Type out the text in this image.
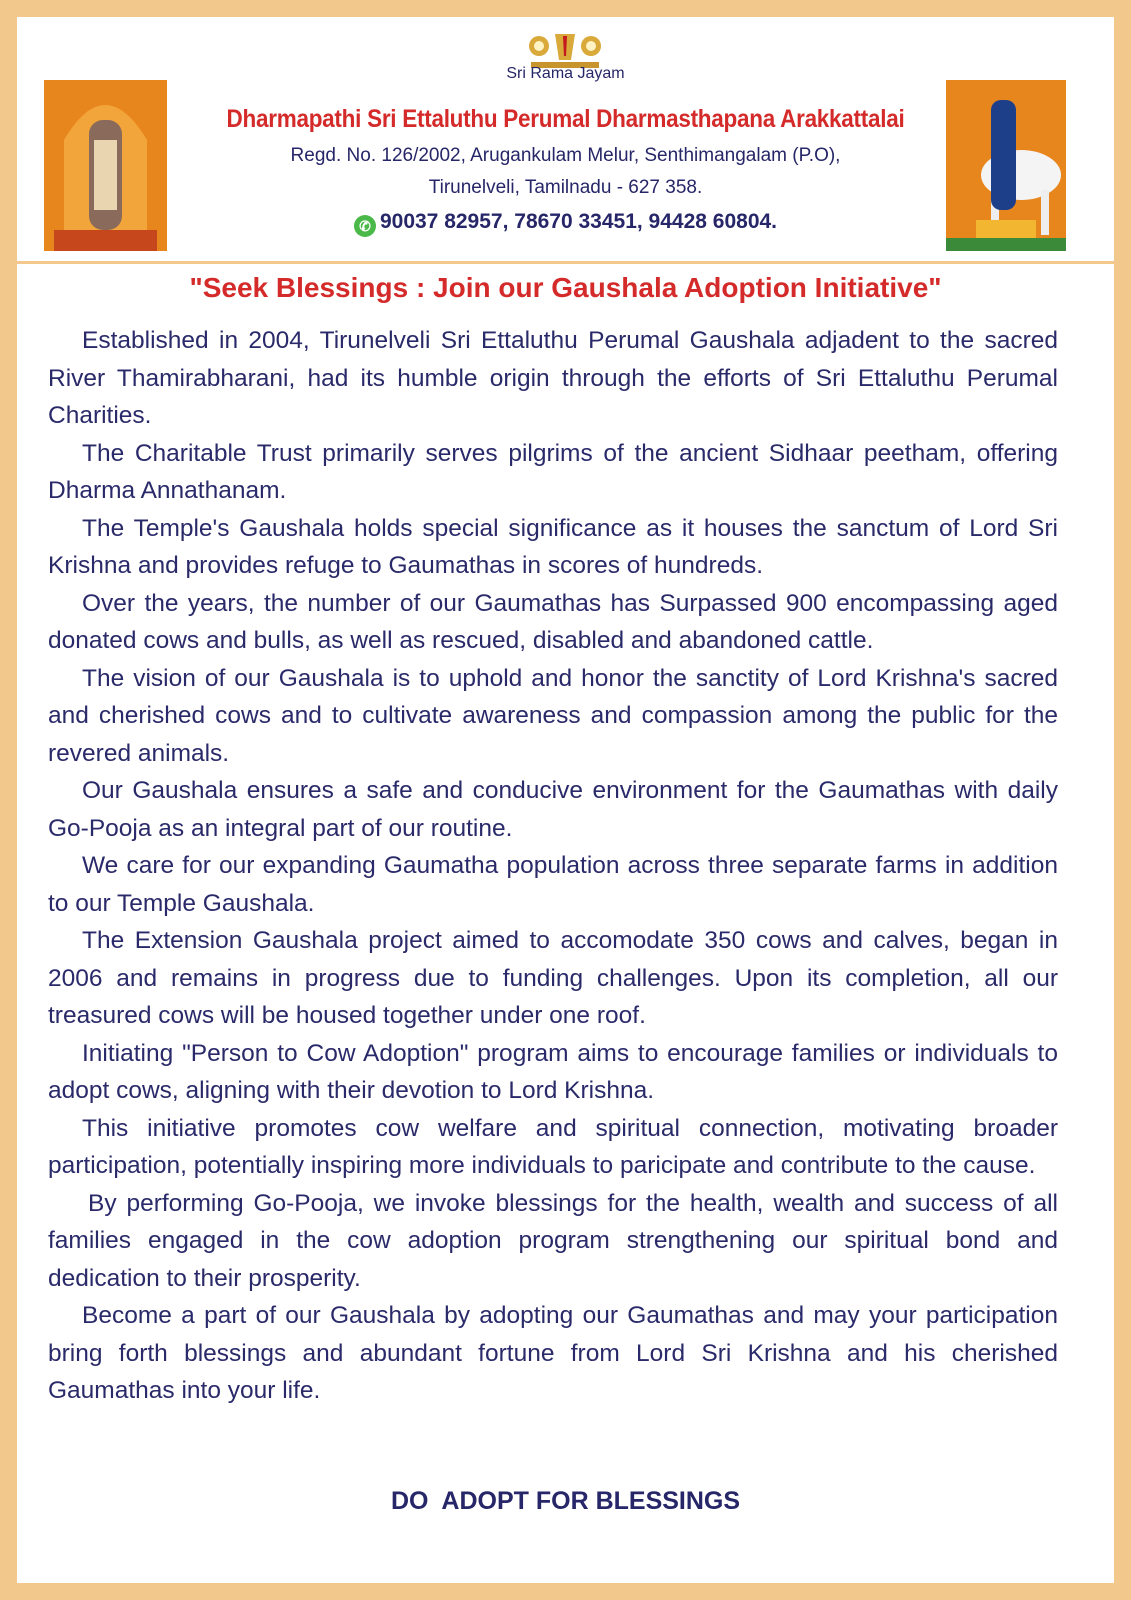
Sri Rama Jayam
Dharmapathi Sri Ettaluthu Perumal Dharmasthapana Arakkattalai
Regd. No. 126/2002, Arugankulam Melur, Senthimangalam (P.O),
Tirunelveli, Tamilnadu - 627 358.
✆ 90037 82957, 78670 33451, 94428 60804.
"Seek Blessings : Join our Gaushala Adoption Initiative"

Established in 2004, Tirunelveli Sri Ettaluthu Perumal Gaushala adjadent to the sacred River Thamirabharani, had its humble origin through the efforts of Sri Ettaluthu Perumal Charities.

The Charitable Trust primarily serves pilgrims of the ancient Sidhaar peetham, offering Dharma Annathanam.

The Temple's Gaushala holds special significance as it houses the sanctum of Lord Sri Krishna and provides refuge to Gaumathas in scores of hundreds.

Over the years, the number of our Gaumathas has Surpassed 900 encompassing aged donated cows and bulls, as well as rescued, disabled and abandoned cattle.

The vision of our Gaushala is to uphold and honor the sanctity of Lord Krishna's sacred and cherished cows and to cultivate awareness and compassion among the public for the revered animals.

Our Gaushala ensures a safe and conducive environment for the Gaumathas with daily Go-Pooja as an integral part of our routine.

We care for our expanding Gaumatha population across three separate farms in addition to our Temple Gaushala.

The Extension Gaushala project aimed to accomodate 350 cows and calves, began in 2006 and remains in progress due to funding challenges. Upon its completion, all our treasured cows will be housed together under one roof.

Initiating "Person to Cow Adoption" program aims to encourage families or individuals to adopt cows, aligning with their devotion to Lord Krishna.

This initiative promotes cow welfare and spiritual connection, motivating broader participation, potentially inspiring more individuals to paricipate and contribute to the cause.

By performing Go-Pooja, we invoke blessings for the health, wealth and success of all families engaged in the cow adoption program strengthening our spiritual bond and dedication to their prosperity.

Become a part of our Gaushala by adopting our Gaumathas and may your participation bring forth blessings and abundant fortune from Lord Sri Krishna and his cherished Gaumathas into your life.

DO  ADOPT FOR BLESSINGS
